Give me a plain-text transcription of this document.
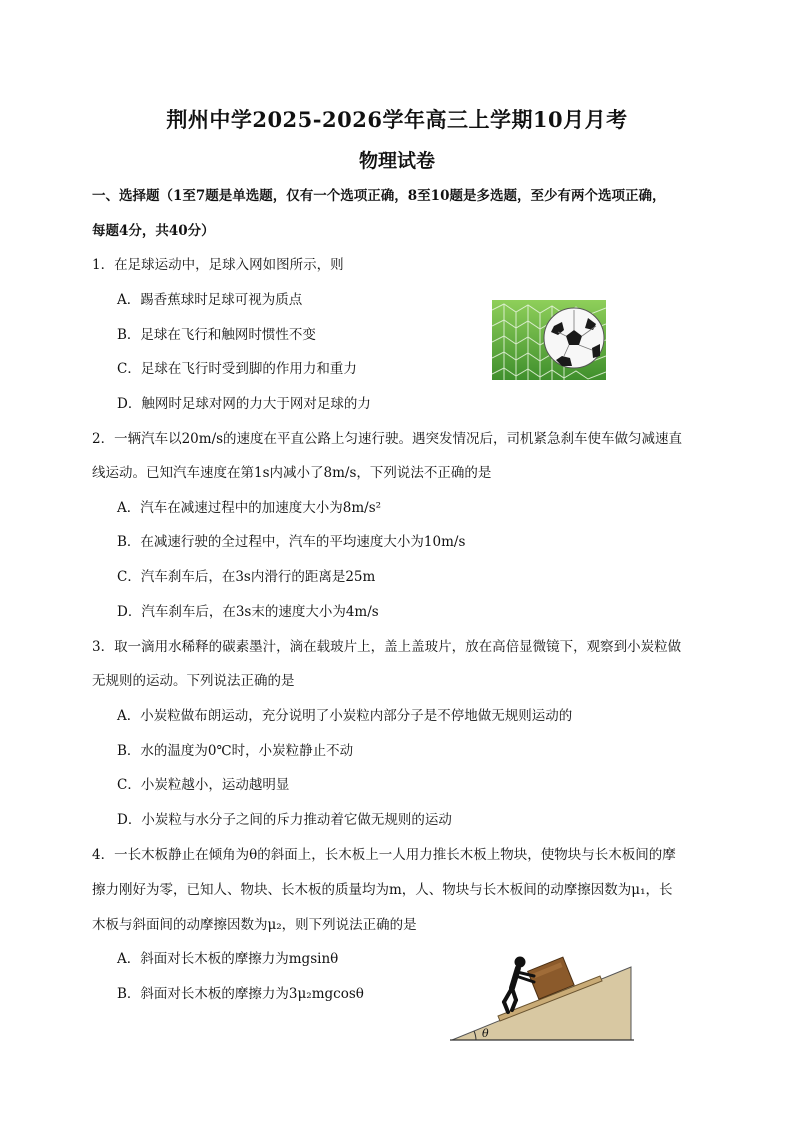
荆州中学2025-2026学年高三上学期10月月考
物理试卷
一、选择题（1至7题是单选题，仅有一个选项正确，8至10题是多选题，至少有两个选项正确，
每题4分，共40分）
1．在足球运动中，足球入网如图所示，则
A．踢香蕉球时足球可视为质点
B．足球在飞行和触网时惯性不变
C．足球在飞行时受到脚的作用力和重力
D．触网时足球对网的力大于网对足球的力
2．一辆汽车以20m/s的速度在平直公路上匀速行驶。遇突发情况后，司机紧急刹车使车做匀减速直
线运动。已知汽车速度在第1s内减小了8m/s，下列说法不正确的是
A．汽车在减速过程中的加速度大小为8m/s²
B．在减速行驶的全过程中，汽车的平均速度大小为10m/s
C．汽车刹车后，在3s内滑行的距离是25m
D．汽车刹车后，在3s末的速度大小为4m/s
3．取一滴用水稀释的碳素墨汁，滴在载玻片上，盖上盖玻片，放在高倍显微镜下，观察到小炭粒做
无规则的运动。下列说法正确的是
A．小炭粒做布朗运动，充分说明了小炭粒内部分子是不停地做无规则运动的
B．水的温度为0℃时，小炭粒静止不动
C．小炭粒越小，运动越明显
D．小炭粒与水分子之间的斥力推动着它做无规则的运动
4．一长木板静止在倾角为θ的斜面上，长木板上一人用力推长木板上物块，使物块与长木板间的摩
擦力刚好为零，已知人、物块、长木板的质量均为m，人、物块与长木板间的动摩擦因数为μ₁，长
木板与斜面间的动摩擦因数为μ₂，则下列说法正确的是
A．斜面对长木板的摩擦力为mgsinθ
B．斜面对长木板的摩擦力为3μ₂mgcosθ
θ
